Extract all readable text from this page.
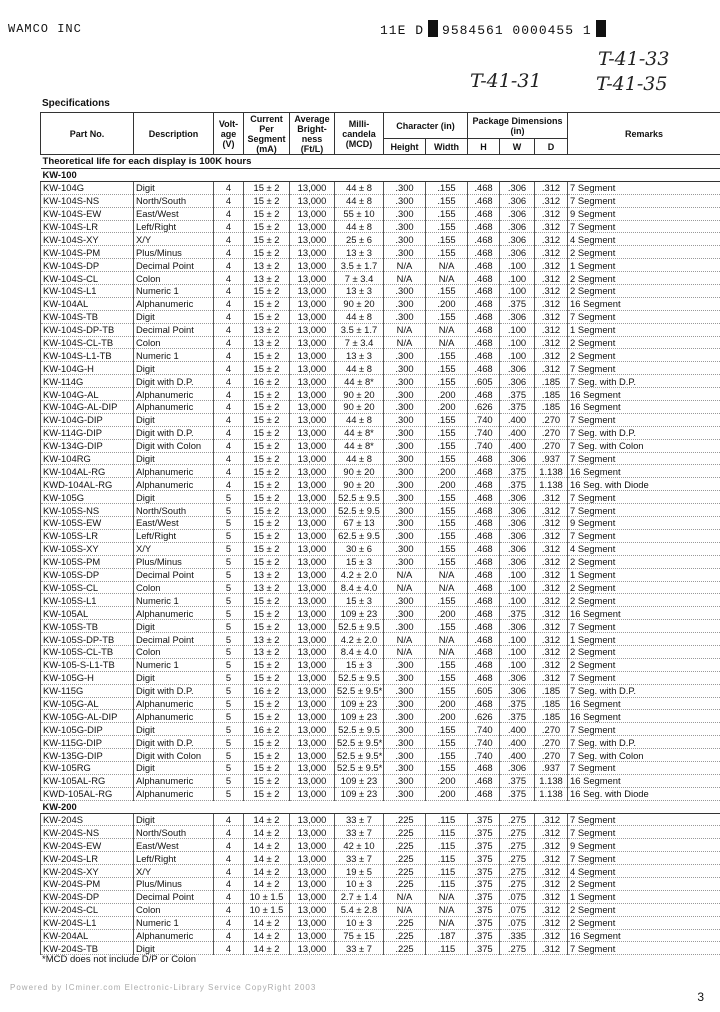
WAMCO INC	11E D 9584561 0000455 1
T-41-33
T-41-31	T-41-35
Specifications
Part No.	Description	Volt-age (V)	Current Per Segment (mA)	Average Bright-ness (Ft/L)	Milli-candela (MCD)	Character (in)		Package Dimensions (in)			Remarks
						Height	Width	H	W	D	
Theoretical life for each display is 100K hours											
KW-100											
KW-104G	Digit	4	15 ± 2	13,000	44 ± 8	.300	.155	.468	.306	.312	7 Segment
KW-104S-NS	North/South	4	15 ± 2	13,000	44 ± 8	.300	.155	.468	.306	.312	7 Segment
KW-104S-EW	East/West	4	15 ± 2	13,000	55 ± 10	.300	.155	.468	.306	.312	9 Segment
KW-104S-LR	Left/Right	4	15 ± 2	13,000	44 ± 8	.300	.155	.468	.306	.312	7 Segment
KW-104S-XY	X/Y	4	15 ± 2	13,000	25 ± 6	.300	.155	.468	.306	.312	4 Segment
KW-104S-PM	Plus/Minus	4	15 ± 2	13,000	13 ± 3	.300	.155	.468	.306	.312	2 Segment
KW-104S-DP	Decimal Point	4	13 ± 2	13,000	3.5 ± 1.7	N/A	N/A	.468	.100	.312	1 Segment
KW-104S-CL	Colon	4	13 ± 2	13,000	7 ± 3.4	N/A	N/A	.468	.100	.312	2 Segment
KW-104S-L1	Numeric 1	4	15 ± 2	13,000	13 ± 3	.300	.155	.468	.100	.312	2 Segment
KW-104AL	Alphanumeric	4	15 ± 2	13,000	90 ± 20	.300	.200	.468	.375	.312	16 Segment
KW-104S-TB	Digit	4	15 ± 2	13,000	44 ± 8	.300	.155	.468	.306	.312	7 Segment
KW-104S-DP-TB	Decimal Point	4	13 ± 2	13,000	3.5 ± 1.7	N/A	N/A	.468	.100	.312	1 Segment
KW-104S-CL-TB	Colon	4	13 ± 2	13,000	7 ± 3.4	N/A	N/A	.468	.100	.312	2 Segment
KW-104S-L1-TB	Numeric 1	4	15 ± 2	13,000	13 ± 3	.300	.155	.468	.100	.312	2 Segment
KW-104G-H	Digit	4	15 ± 2	13,000	44 ± 8	.300	.155	.468	.306	.312	7 Segment
KW-114G	Digit with D.P.	4	16 ± 2	13,000	44 ± 8*	.300	.155	.605	.306	.185	7 Seg. with D.P.
KW-104G-AL	Alphanumeric	4	15 ± 2	13,000	90 ± 20	.300	.200	.468	.375	.185	16 Segment
KW-104G-AL-DIP	Alphanumeric	4	15 ± 2	13,000	90 ± 20	.300	.200	.626	.375	.185	16 Segment
KW-104G-DIP	Digit	4	15 ± 2	13,000	44 ± 8	.300	.155	.740	.400	.270	7 Segment
KW-114G-DIP	Digit with D.P.	4	15 ± 2	13,000	44 ± 8*	.300	.155	.740	.400	.270	7 Seg. with D.P.
KW-134G-DIP	Digit with Colon	4	15 ± 2	13,000	44 ± 8*	.300	.155	.740	.400	.270	7 Seg. with Colon
KW-104RG	Digit	4	15 ± 2	13,000	44 ± 8	.300	.155	.468	.306	.937	7 Segment
KW-104AL-RG	Alphanumeric	4	15 ± 2	13,000	90 ± 20	.300	.200	.468	.375	1.138	16 Segment
KWD-104AL-RG	Alphanumeric	4	15 ± 2	13,000	90 ± 20	.300	.200	.468	.375	1.138	16 Seg. with Diode
KW-105G	Digit	5	15 ± 2	13,000	52.5 ± 9.5	.300	.155	.468	.306	.312	7 Segment
KW-105S-NS	North/South	5	15 ± 2	13,000	52.5 ± 9.5	.300	.155	.468	.306	.312	7 Segment
KW-105S-EW	East/West	5	15 ± 2	13,000	67 ± 13	.300	.155	.468	.306	.312	9 Segment
KW-105S-LR	Left/Right	5	15 ± 2	13,000	62.5 ± 9.5	.300	.155	.468	.306	.312	7 Segment
KW-105S-XY	X/Y	5	15 ± 2	13,000	30 ± 6	.300	.155	.468	.306	.312	4 Segment
KW-105S-PM	Plus/Minus	5	15 ± 2	13,000	15 ± 3	.300	.155	.468	.306	.312	2 Segment
KW-105S-DP	Decimal Point	5	13 ± 2	13,000	4.2 ± 2.0	N/A	N/A	.468	.100	.312	1 Segment
KW-105S-CL	Colon	5	13 ± 2	13,000	8.4 ± 4.0	N/A	N/A	.468	.100	.312	2 Segment
KW-105S-L1	Numeric 1	5	15 ± 2	13,000	15 ± 3	.300	.155	.468	.100	.312	2 Segment
KW-105AL	Alphanumeric	5	15 ± 2	13,000	109 ± 23	.300	.200	.468	.375	.312	16 Segment
KW-105S-TB	Digit	5	15 ± 2	13,000	52.5 ± 9.5	.300	.155	.468	.306	.312	7 Segment
KW-105S-DP-TB	Decimal Point	5	13 ± 2	13,000	4.2 ± 2.0	N/A	N/A	.468	.100	.312	1 Segment
KW-105S-CL-TB	Colon	5	13 ± 2	13,000	8.4 ± 4.0	N/A	N/A	.468	.100	.312	2 Segment
KW-105-S-L1-TB	Numeric 1	5	15 ± 2	13,000	15 ± 3	.300	.155	.468	.100	.312	2 Segment
KW-105G-H	Digit	5	15 ± 2	13,000	52.5 ± 9.5	.300	.155	.468	.306	.312	7 Segment
KW-115G	Digit with D.P.	5	16 ± 2	13,000	52.5 ± 9.5*	.300	.155	.605	.306	.185	7 Seg. with D.P.
KW-105G-AL	Alphanumeric	5	15 ± 2	13,000	109 ± 23	.300	.200	.468	.375	.185	16 Segment
KW-105G-AL-DIP	Alphanumeric	5	15 ± 2	13,000	109 ± 23	.300	.200	.626	.375	.185	16 Segment
KW-105G-DIP	Digit	5	16 ± 2	13,000	52.5 ± 9.5	.300	.155	.740	.400	.270	7 Segment
KW-115G-DIP	Digit with D.P.	5	15 ± 2	13,000	52.5 ± 9.5*	.300	.155	.740	.400	.270	7 Seg. with D.P.
KW-135G-DIP	Digit with Colon	5	15 ± 2	13,000	52.5 ± 9.5*	.300	.155	.740	.400	.270	7 Seg. with Colon
KW-105RG	Digit	5	15 ± 2	13,000	52.5 ± 9.5*	.300	.155	.468	.306	.937	7 Segment
KW-105AL-RG	Alphanumeric	5	15 ± 2	13,000	109 ± 23	.300	.200	.468	.375	1.138	16 Segment
KWD-105AL-RG	Alphanumeric	5	15 ± 2	13,000	109 ± 23	.300	.200	.468	.375	1.138	16 Seg. with Diode
KW-200											
KW-204S	Digit	4	14 ± 2	13,000	33 ± 7	.225	.115	.375	.275	.312	7 Segment
KW-204S-NS	North/South	4	14 ± 2	13,000	33 ± 7	.225	.115	.375	.275	.312	7 Segment
KW-204S-EW	East/West	4	14 ± 2	13,000	42 ± 10	.225	.115	.375	.275	.312	9 Segment
KW-204S-LR	Left/Right	4	14 ± 2	13,000	33 ± 7	.225	.115	.375	.275	.312	7 Segment
KW-204S-XY	X/Y	4	14 ± 2	13,000	19 ± 5	.225	.115	.375	.275	.312	4 Segment
KW-204S-PM	Plus/Minus	4	14 ± 2	13,000	10 ± 3	.225	.115	.375	.275	.312	2 Segment
KW-204S-DP	Decimal Point	4	10 ± 1.5	13,000	2.7 ± 1.4	N/A	N/A	.375	.075	.312	1 Segment
KW-204S-CL	Colon	4	10 ± 1.5	13,000	5.4 ± 2.8	N/A	N/A	.375	.075	.312	2 Segment
KW-204S-L1	Numeric 1	4	14 ± 2	13,000	10 ± 3	.225	N/A	.375	.075	.312	2 Segment
KW-204AL	Alphanumeric	4	14 ± 2	13,000	75 ± 15	.225	.187	.375	.335	.312	16 Segment
KW-204S-TB	Digit	4	14 ± 2	13,000	33 ± 7	.225	.115	.375	.275	.312	7 Segment
*MCD does not include D/P or Colon
Powered by ICminer.com Electronic-Library Service CopyRight 2003
3
